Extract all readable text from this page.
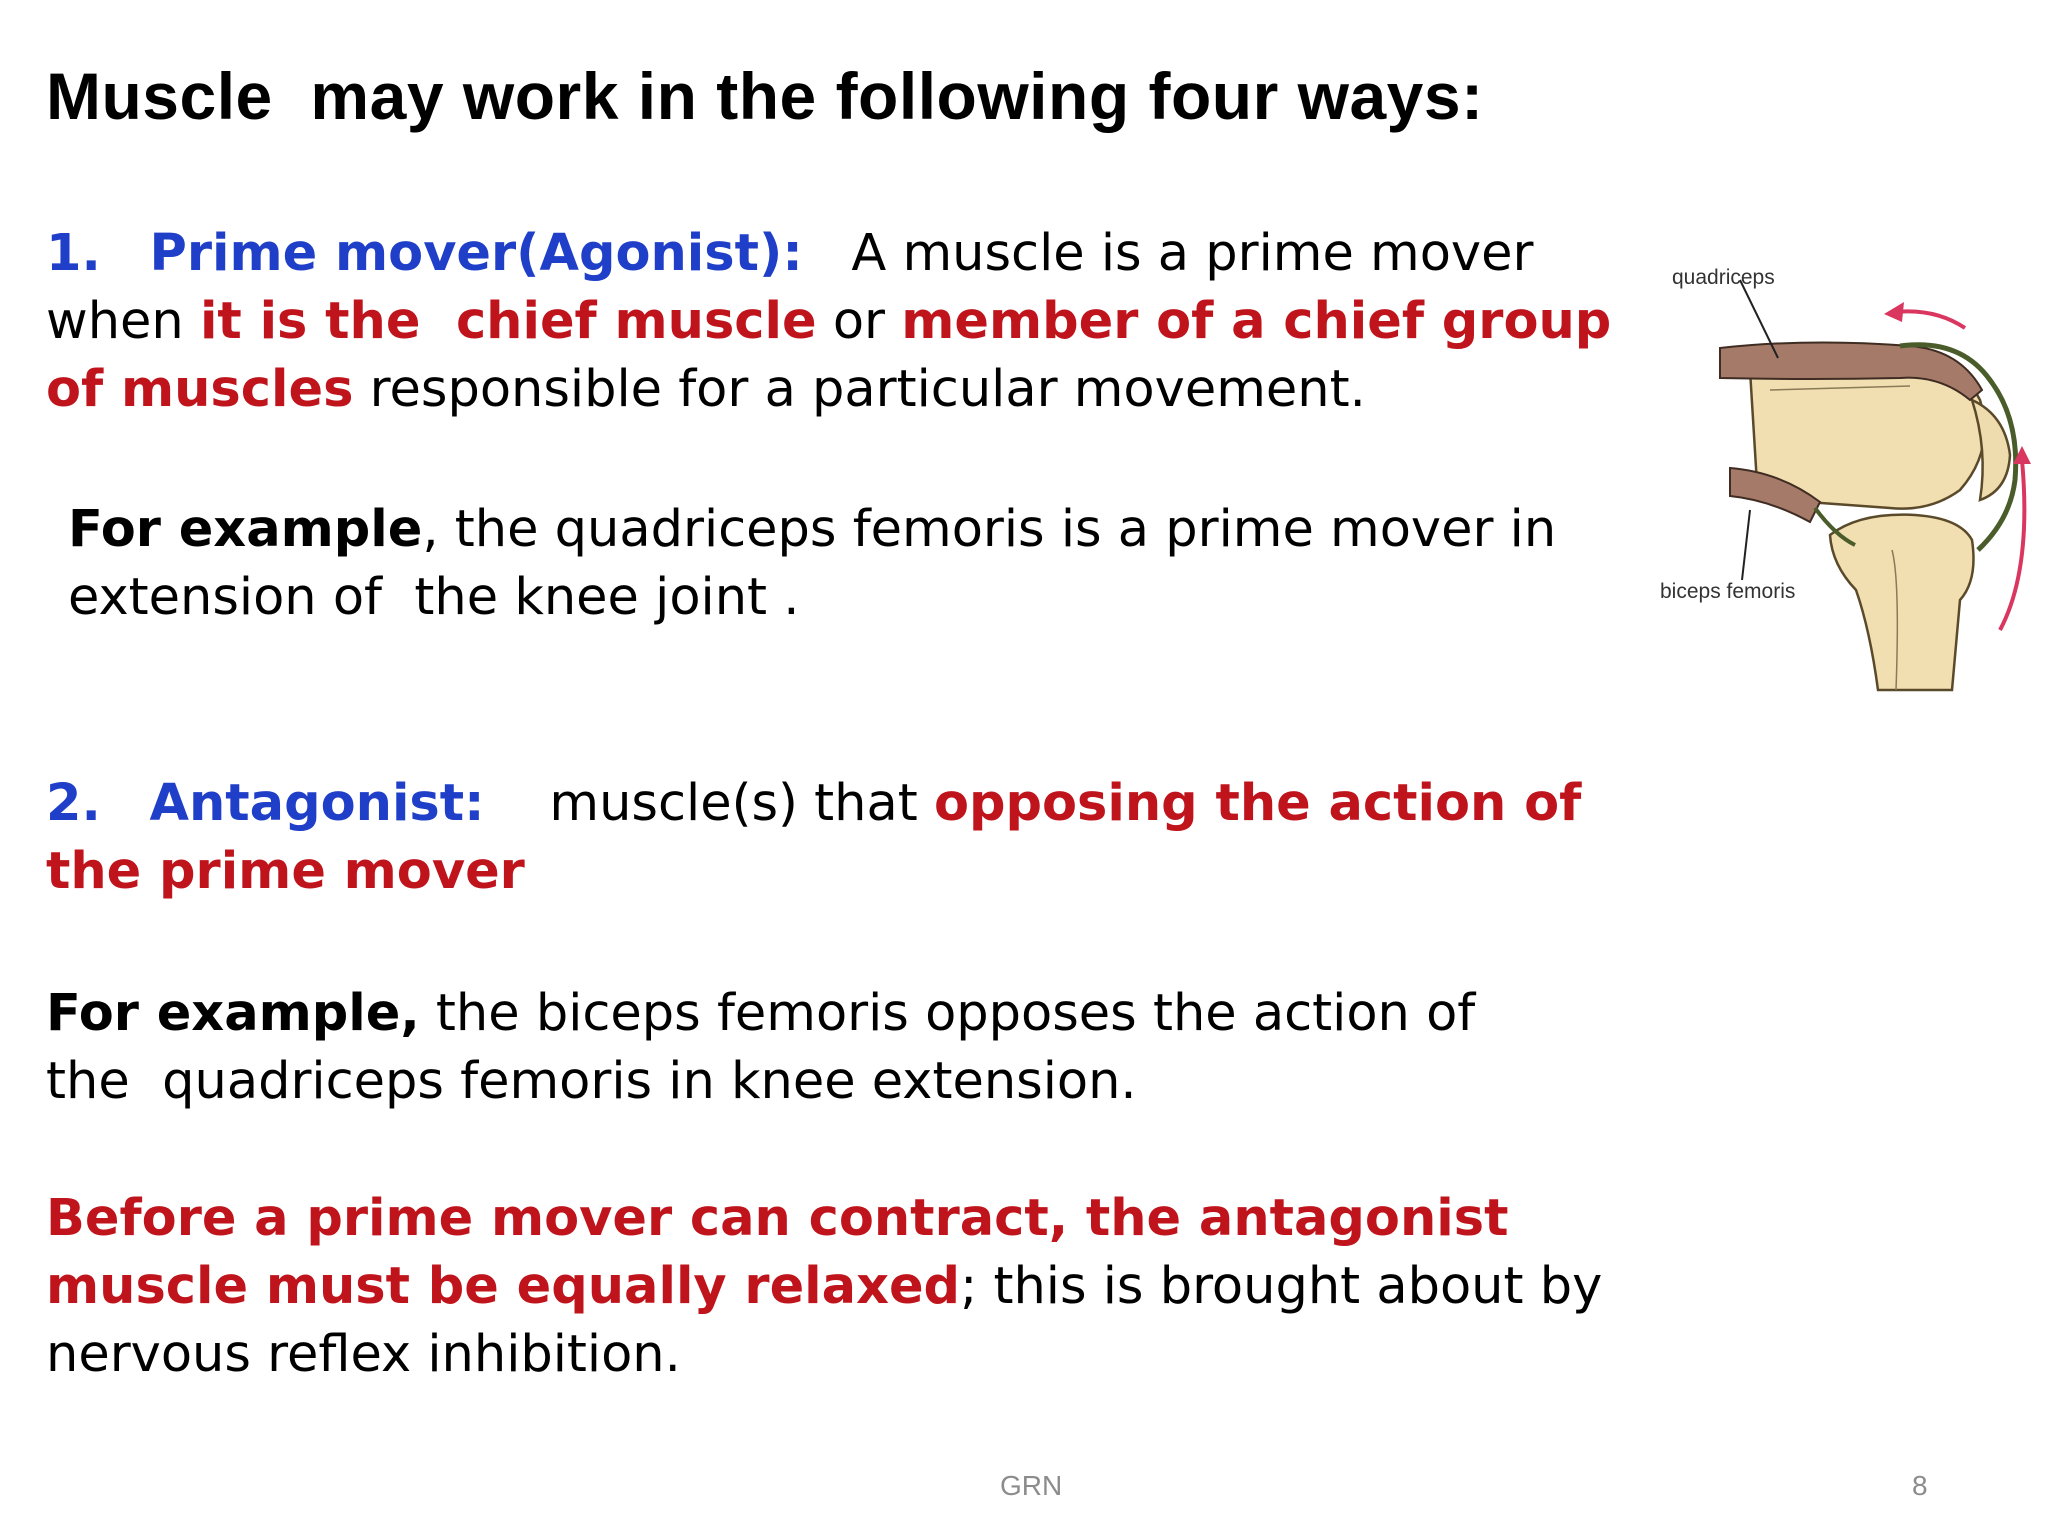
Muscle  may work in the following four ways:
1. Prime mover(Agonist): A muscle is a prime mover
when it is the  chief muscle or member of a chief group
of muscles responsible for a particular movement.
For example, the quadriceps femoris is a prime mover in
extension of  the knee joint .
2. Antagonist: muscle(s) that opposing the action of
the prime mover
For example, the biceps femoris opposes the action of
the  quadriceps femoris in knee extension.
Before a prime mover can contract, the antagonist
muscle must be equally relaxed; this is brought about by
nervous reflex inhibition.
quadriceps
biceps femoris
GRN	8
